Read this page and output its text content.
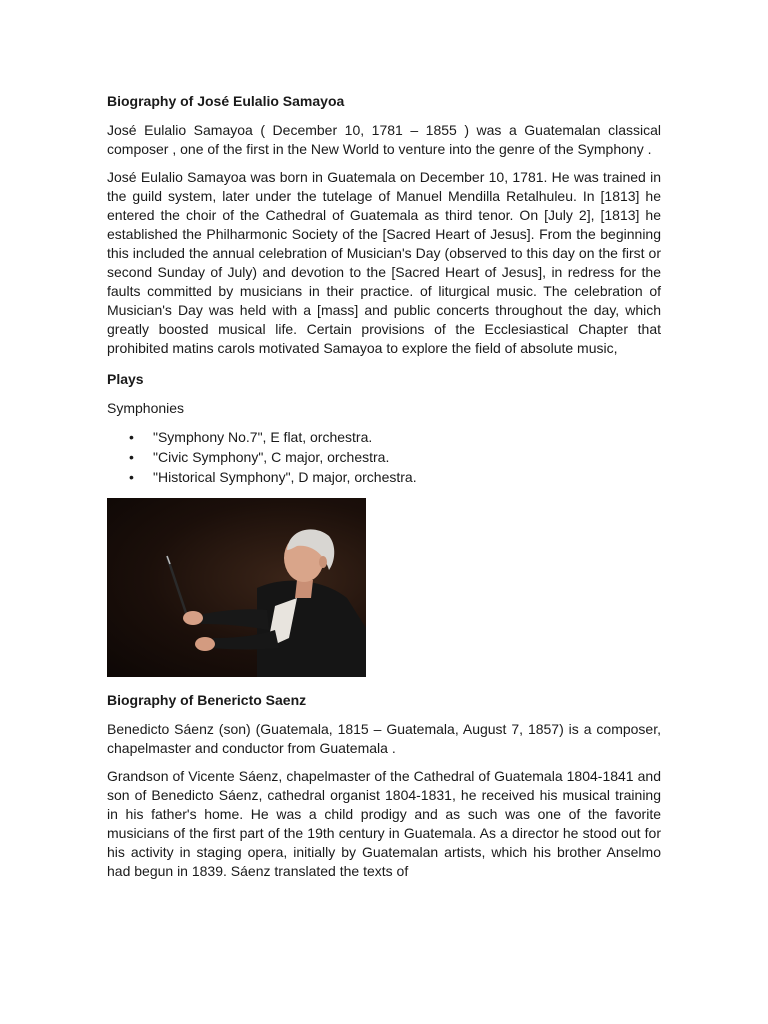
Biography of José Eulalio Samayoa

José Eulalio Samayoa ( December 10, 1781 – 1855 ) was a Guatemalan classical composer , one of the first in the New World to venture into the genre of the Symphony .

José Eulalio Samayoa was born in Guatemala on December 10, 1781. He was trained in the guild system, later under the tutelage of Manuel Mendilla Retalhuleu. In [1813] he entered the choir of the Cathedral of Guatemala as third tenor. On [July 2], [1813] he established the Philharmonic Society of the [Sacred Heart of Jesus]. From the beginning this included the annual celebration of Musician's Day (observed to this day on the first or second Sunday of July) and devotion to the [Sacred Heart of Jesus], in redress for the faults committed by musicians in their practice. of liturgical music. The celebration of Musician's Day was held with a [mass] and public concerts throughout the day, which greatly boosted musical life. Certain provisions of the Ecclesiastical Chapter that prohibited matins carols motivated Samayoa to explore the field of absolute music,

Plays
Symphonies
• "Symphony No.7", E flat, orchestra.
• "Civic Symphony", C major, orchestra.
• "Historical Symphony", D major, orchestra.
Biography of Benericto Saenz

Benedicto Sáenz (son) (Guatemala, 1815 – Guatemala, August 7, 1857) is a composer, chapelmaster and conductor from Guatemala .

Grandson of Vicente Sáenz, chapelmaster of the Cathedral of Guatemala 1804-1841 and son of Benedicto Sáenz, cathedral organist 1804-1831, he received his musical training in his father's home. He was a child prodigy and as such was one of the favorite musicians of the first part of the 19th century in Guatemala. As a director he stood out for his activity in staging opera, initially by Guatemalan artists, which his brother Anselmo had begun in 1839. Sáenz translated the texts of
